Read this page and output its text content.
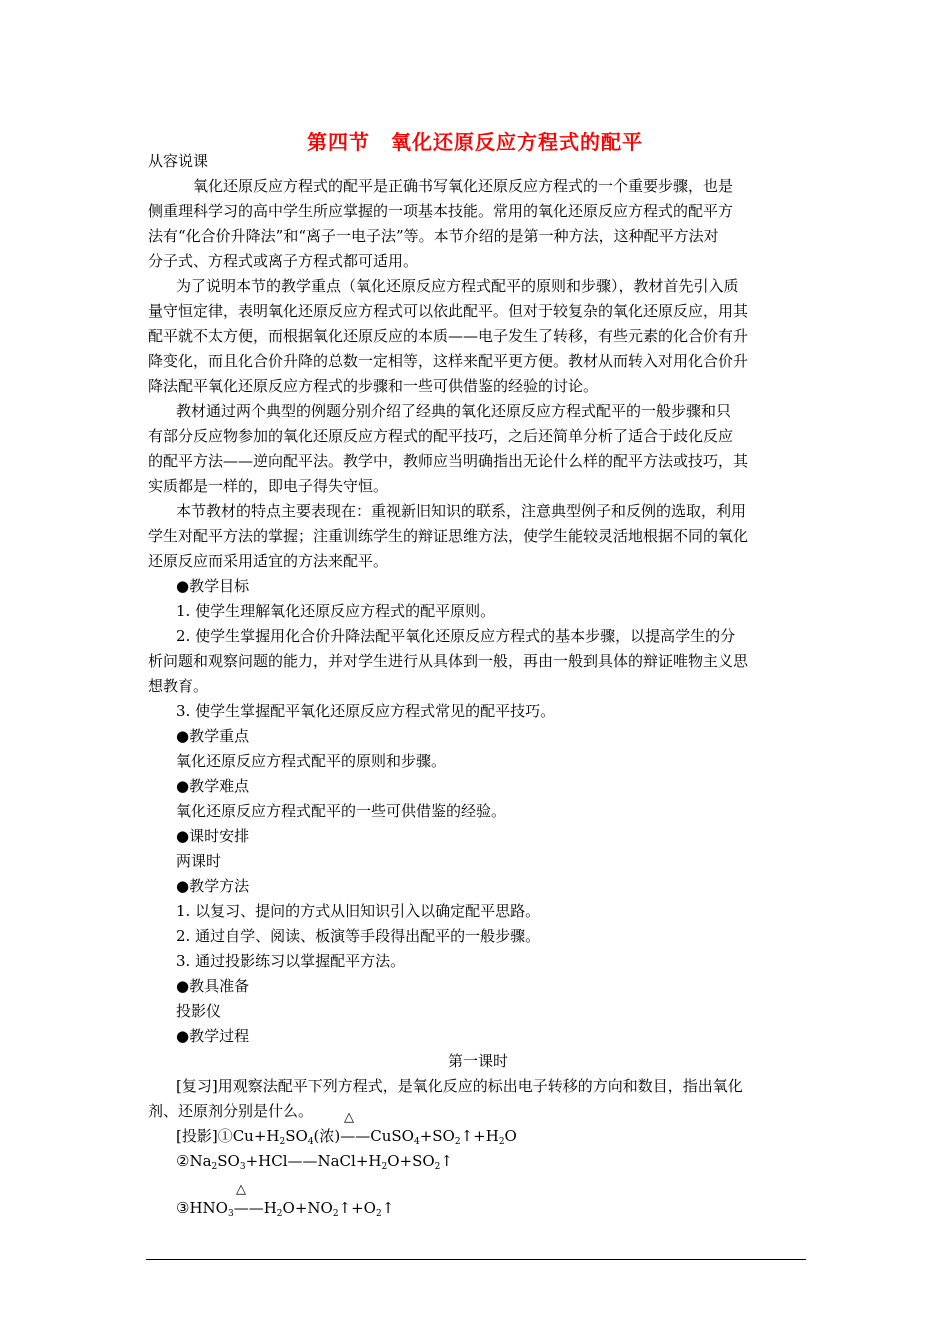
第四节　氧化还原反应方程式的配平
从容说课
氧化还原反应方程式的配平是正确书写氧化还原反应方程式的一个重要步骤，也是
侧重理科学习的高中学生所应掌握的一项基本技能。常用的氧化还原反应方程式的配平方
法有“化合价升降法”和“离子一电子法”等。本节介绍的是第一种方法，这种配平方法对
分子式、方程式或离子方程式都可适用。
为了说明本节的教学重点（氧化还原反应方程式配平的原则和步骤），教材首先引入质
量守恒定律，表明氧化还原反应方程式可以依此配平。但对于较复杂的氧化还原反应，用其
配平就不太方便，而根据氧化还原反应的本质——电子发生了转移，有些元素的化合价有升
降变化，而且化合价升降的总数一定相等，这样来配平更方便。教材从而转入对用化合价升
降法配平氧化还原反应方程式的步骤和一些可供借鉴的经验的讨论。
教材通过两个典型的例题分别介绍了经典的氧化还原反应方程式配平的一般步骤和只
有部分反应物参加的氧化还原反应方程式的配平技巧，之后还简单分析了适合于歧化反应
的配平方法——逆向配平法。教学中，教师应当明确指出无论什么样的配平方法或技巧，其
实质都是一样的，即电子得失守恒。
本节教材的特点主要表现在：重视新旧知识的联系，注意典型例子和反例的选取，利用
学生对配平方法的掌握；注重训练学生的辩证思维方法，使学生能较灵活地根据不同的氧化
还原反应而采用适宜的方法来配平。
●教学目标
1. 使学生理解氧化还原反应方程式的配平原则。
2. 使学生掌握用化合价升降法配平氧化还原反应方程式的基本步骤，以提高学生的分
析问题和观察问题的能力，并对学生进行从具体到一般，再由一般到具体的辩证唯物主义思
想教育。
3. 使学生掌握配平氧化还原反应方程式常见的配平技巧。
●教学重点
氧化还原反应方程式配平的原则和步骤。
●教学难点
氧化还原反应方程式配平的一些可供借鉴的经验。
●课时安排
两课时
●教学方法
1. 以复习、提问的方式从旧知识引入以确定配平思路。
2. 通过自学、阅读、板演等手段得出配平的一般步骤。
3. 通过投影练习以掌握配平方法。
●教具准备
投影仪
●教学过程
第一课时
[复习]用观察法配平下列方程式，是氧化反应的标出电子转移的方向和数目，指出氧化
剂、还原剂分别是什么。	△
[投影]$①Cu+H_2SO_4$(浓)$——CuSO_4+SO_2↑+H_2O$
$②Na_2SO_3+HCl——NaCl+H_2O+SO_2↑$
△
$③HNO_3——H_2O+NO_2↑+O_2↑$
